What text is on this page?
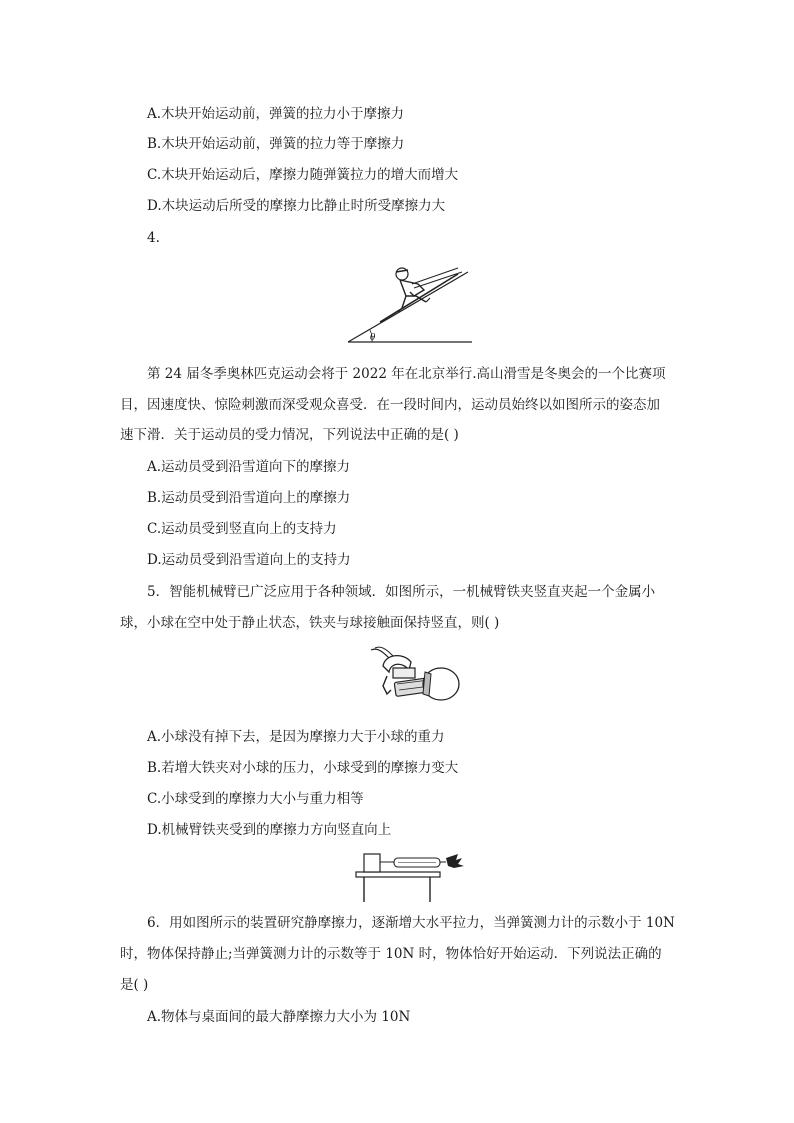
A.木块开始运动前，弹簧的拉力小于摩擦力
B.木块开始运动前，弹簧的拉力等于摩擦力
C.木块开始运动后，摩擦力随弹簧拉力的增大而增大
D.木块运动后所受的摩擦力比静止时所受摩擦力大
4.
θ
第 24 届冬季奥林匹克运动会将于 2022 年在北京举行.高山滑雪是冬奥会的一个比赛项
目，因速度快、惊险刺激而深受观众喜受．在一段时间内，运动员始终以如图所示的姿态加
速下滑．关于运动员的受力情况，下列说法中正确的是( )
A.运动员受到沿雪道向下的摩擦力
B.运动员受到沿雪道向上的摩擦力
C.运动员受到竖直向上的支持力
D.运动员受到沿雪道向上的支持力
5．智能机械臂已广泛应用于各种领域．如图所示，一机械臂铁夹竖直夹起一个金属小
球，小球在空中处于静止状态，铁夹与球接触面保持竖直，则( )
A.小球没有掉下去，是因为摩擦力大于小球的重力
B.若增大铁夹对小球的压力，小球受到的摩擦力变大
C.小球受到的摩擦力大小与重力相等
D.机械臂铁夹受到的摩擦力方向竖直向上
6．用如图所示的装置研究静摩擦力，逐渐增大水平拉力，当弹簧测力计的示数小于 10N
时，物体保持静止;当弹簧测力计的示数等于 10N 时，物体恰好开始运动．下列说法正确的
是( )
A.物体与桌面间的最大静摩擦力大小为 10N
